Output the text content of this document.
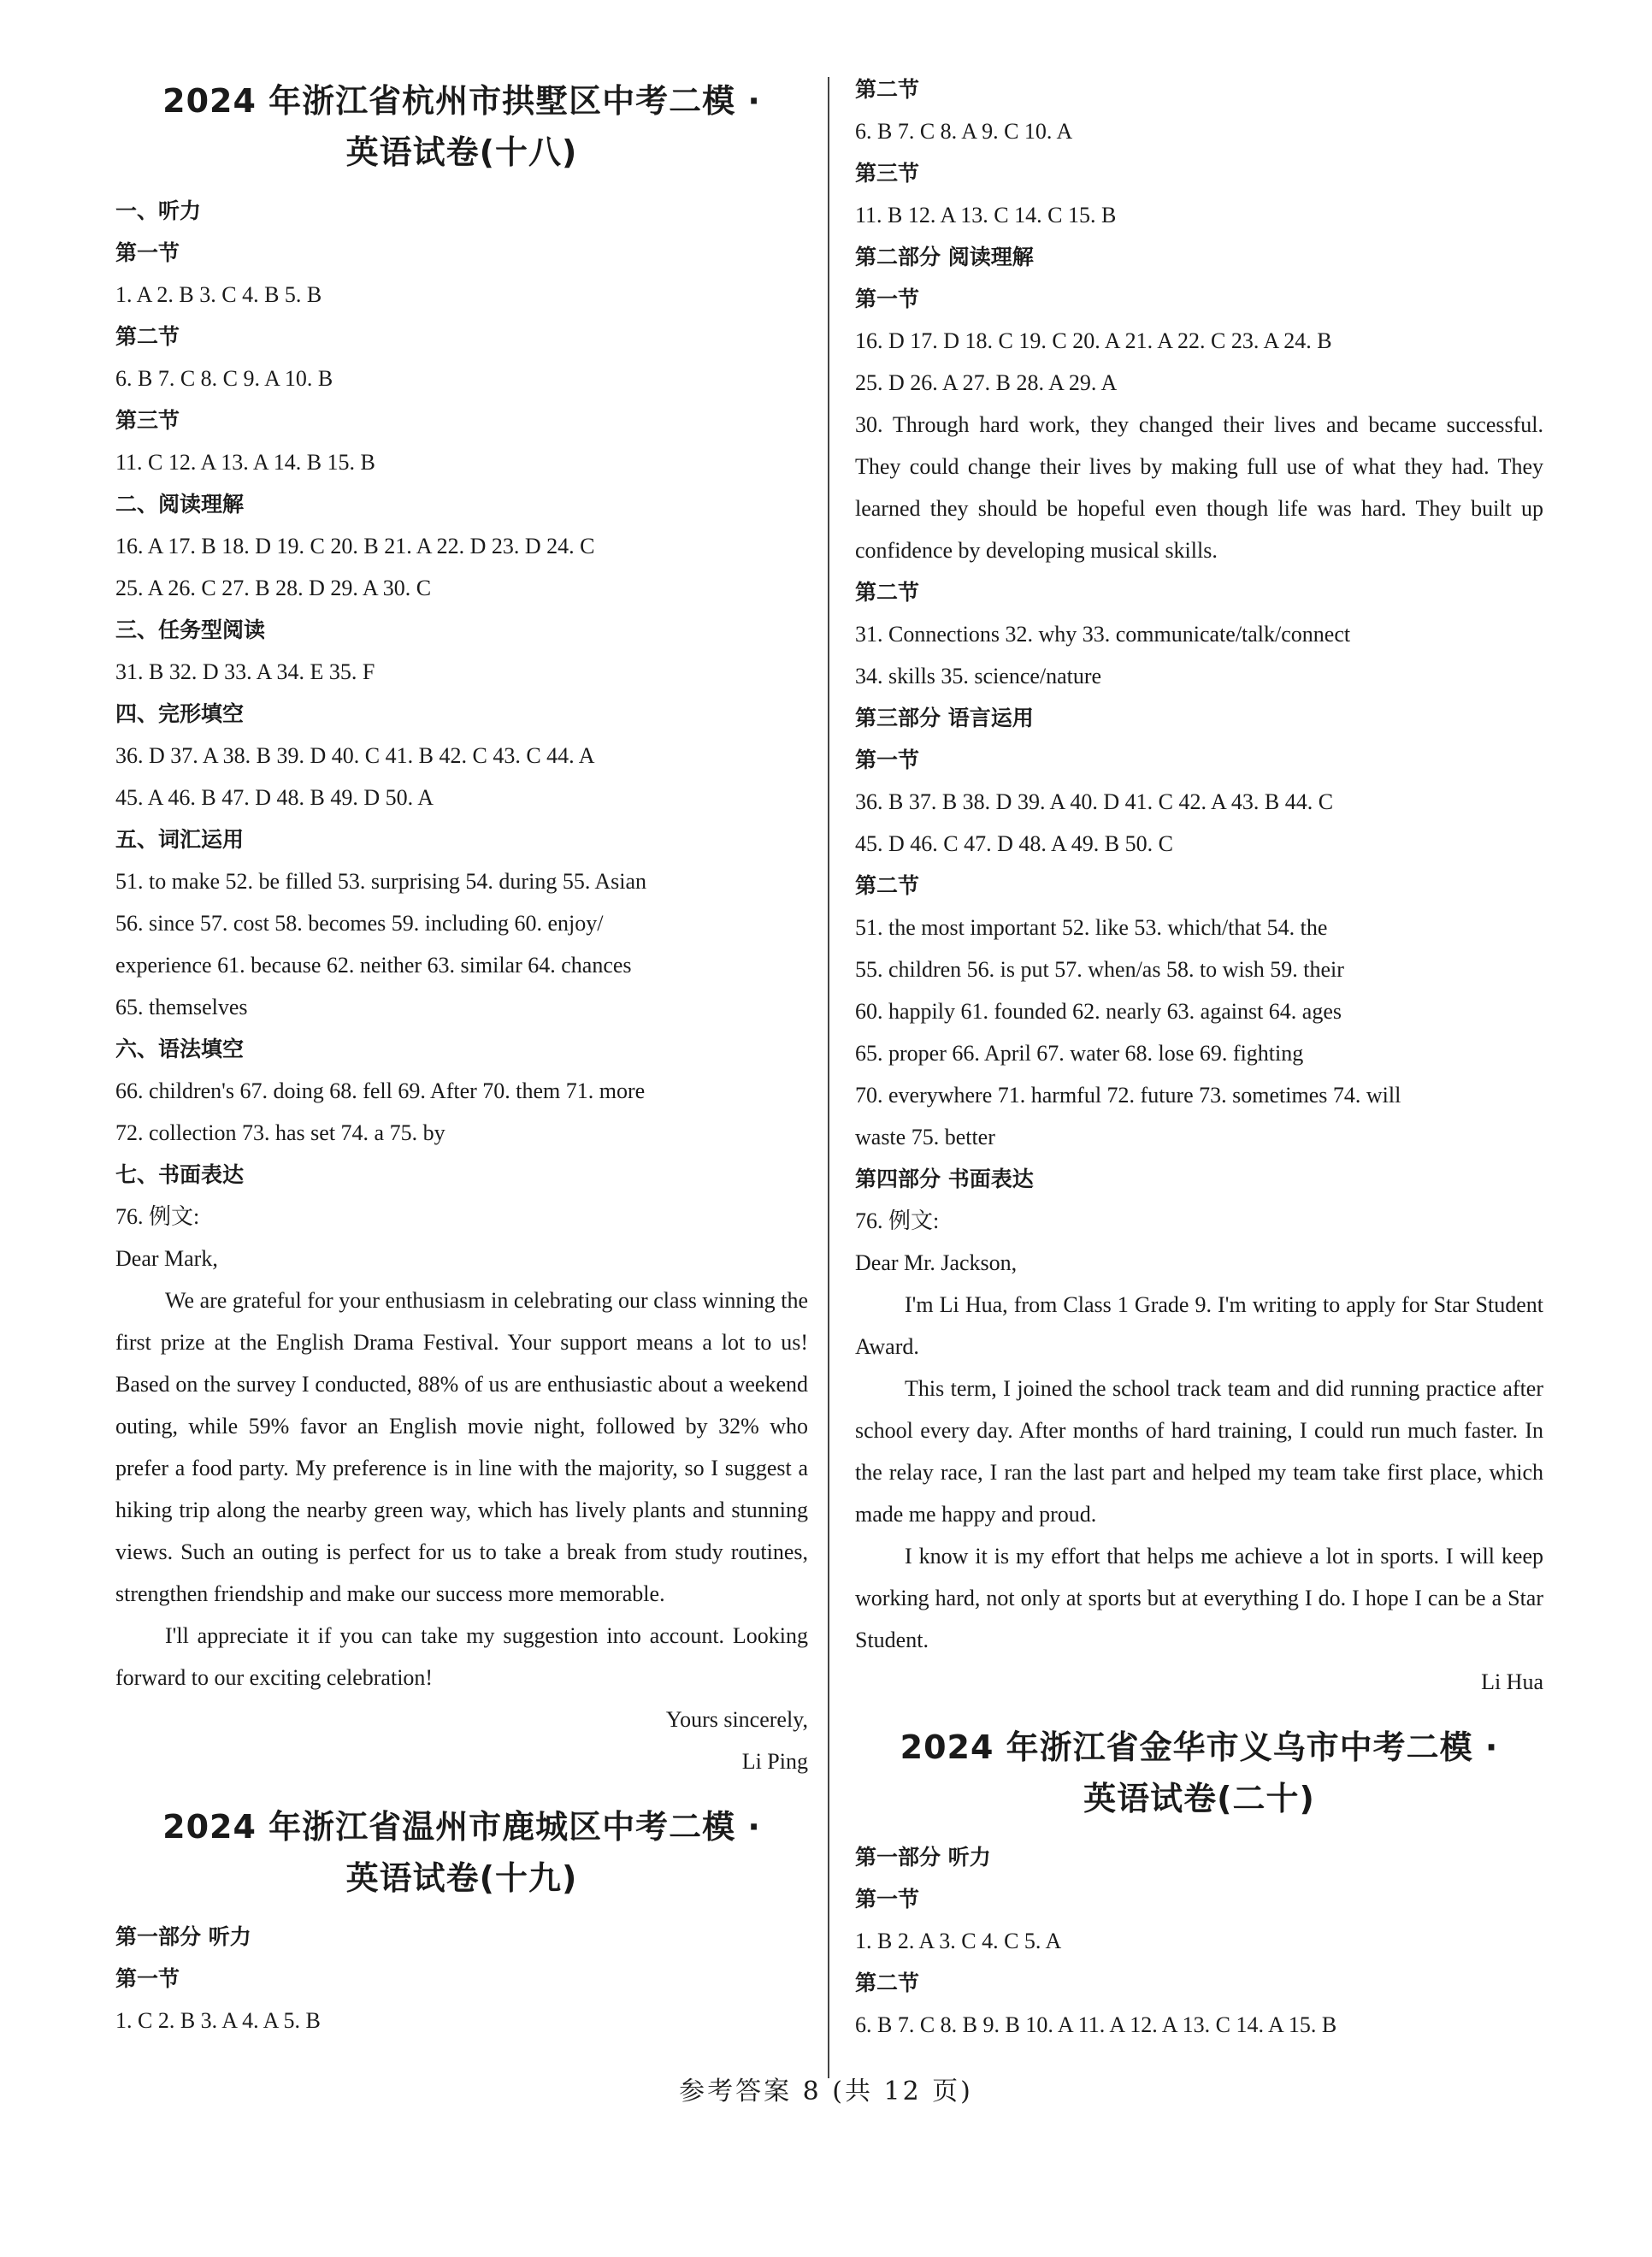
2024 年浙江省杭州市拱墅区中考二模 ·
英语试卷(十八)
一、听力
第一节
1. A 2. B 3. C 4. B 5. B
第二节
6. B 7. C 8. C 9. A 10. B
第三节
11. C 12. A 13. A 14. B 15. B
二、阅读理解
16. A 17. B 18. D 19. C 20. B 21. A 22. D 23. D 24. C
25. A 26. C 27. B 28. D 29. A 30. C
三、任务型阅读
31. B 32. D 33. A 34. E 35. F
四、完形填空
36. D 37. A 38. B 39. D 40. C 41. B 42. C 43. C 44. A
45. A 46. B 47. D 48. B 49. D 50. A
五、词汇运用
51. to make 52. be filled 53. surprising 54. during 55. Asian
56. since 57. cost 58. becomes 59. including 60. enjoy/
experience 61. because 62. neither 63. similar 64. chances
65. themselves
六、语法填空
66. children's 67. doing 68. fell 69. After 70. them 71. more
72. collection 73. has set 74. a 75. by
七、书面表达
76. 例文:
Dear Mark,
We are grateful for your enthusiasm in celebrating our class winning the first prize at the English Drama Festival. Your support means a lot to us! Based on the survey I conducted, 88% of us are enthusiastic about a weekend outing, while 59% favor an English movie night, followed by 32% who prefer a food party. My preference is in line with the majority, so I suggest a hiking trip along the nearby green way, which has lively plants and stunning views. Such an outing is perfect for us to take a break from study routines, strengthen friendship and make our success more memorable.
I'll appreciate it if you can take my suggestion into account. Looking forward to our exciting celebration!
Yours sincerely,
Li Ping
2024 年浙江省温州市鹿城区中考二模 ·
英语试卷(十九)
第一部分 听力
第一节
1. C 2. B 3. A 4. A 5. B
第二节
6. B 7. C 8. A 9. C 10. A
第三节
11. B 12. A 13. C 14. C 15. B
第二部分 阅读理解
第一节
16. D 17. D 18. C 19. C 20. A 21. A 22. C 23. A 24. B
25. D 26. A 27. B 28. A 29. A
30. Through hard work, they changed their lives and became successful. They could change their lives by making full use of what they had. They learned they should be hopeful even though life was hard. They built up confidence by developing musical skills.
第二节
31. Connections 32. why 33. communicate/talk/connect
34. skills 35. science/nature
第三部分 语言运用
第一节
36. B 37. B 38. D 39. A 40. D 41. C 42. A 43. B 44. C
45. D 46. C 47. D 48. A 49. B 50. C
第二节
51. the most important 52. like 53. which/that 54. the
55. children 56. is put 57. when/as 58. to wish 59. their
60. happily 61. founded 62. nearly 63. against 64. ages
65. proper 66. April 67. water 68. lose 69. fighting
70. everywhere 71. harmful 72. future 73. sometimes 74. will
waste 75. better
第四部分 书面表达
76. 例文:
Dear Mr. Jackson,
I'm Li Hua, from Class 1 Grade 9. I'm writing to apply for Star Student Award.
This term, I joined the school track team and did running practice after school every day. After months of hard training, I could run much faster. In the relay race, I ran the last part and helped my team take first place, which made me happy and proud.
I know it is my effort that helps me achieve a lot in sports. I will keep working hard, not only at sports but at everything I do. I hope I can be a Star Student.
Li Hua
2024 年浙江省金华市义乌市中考二模 ·
英语试卷(二十)
第一部分 听力
第一节
1. B 2. A 3. C 4. C 5. A
第二节
6. B 7. C 8. B 9. B 10. A 11. A 12. A 13. C 14. A 15. B
参考答案 8 (共 12 页)
